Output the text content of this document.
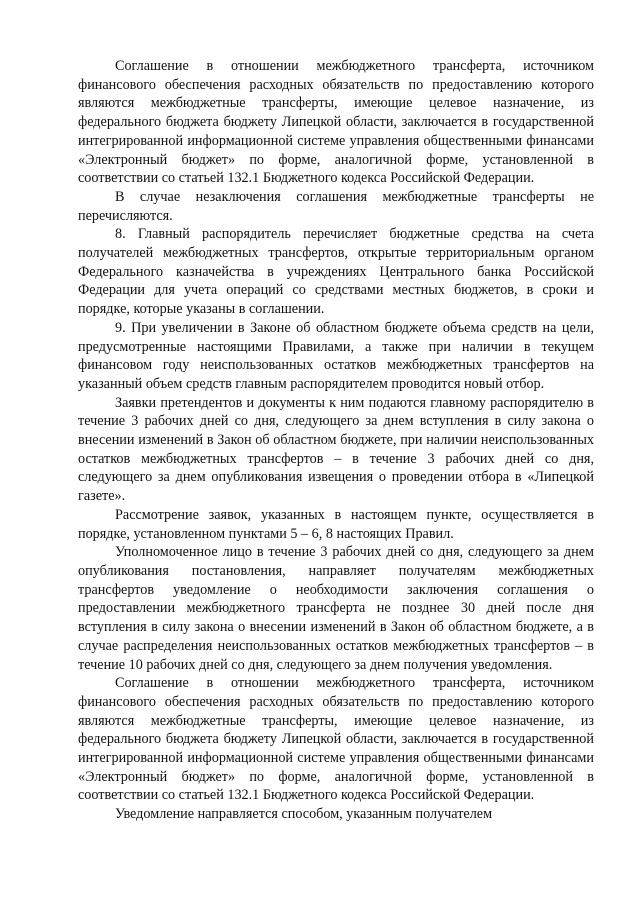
Соглашение в отношении межбюджетного трансферта, источником финансового обеспечения расходных обязательств по предоставлению которого являются межбюджетные трансферты, имеющие целевое назначение, из федерального бюджета бюджету Липецкой области, заключается в государственной интегрированной информационной системе управления общественными финансами «Электронный бюджет» по форме, аналогичной форме, установленной в соответствии со статьей 132.1 Бюджетного кодекса Российской Федерации.

В случае незаключения соглашения межбюджетные трансферты не перечисляются.

8. Главный распорядитель перечисляет бюджетные средства на счета получателей межбюджетных трансфертов, открытые территориальным органом Федерального казначейства в учреждениях Центрального банка Российской Федерации для учета операций со средствами местных бюджетов, в сроки и порядке, которые указаны в соглашении.

9. При увеличении в Законе об областном бюджете объема средств на цели, предусмотренные настоящими Правилами, а также при наличии в текущем финансовом году неиспользованных остатков межбюджетных трансфертов на указанный объем средств главным распорядителем проводится новый отбор.

Заявки претендентов и документы к ним подаются главному распорядителю в течение 3 рабочих дней со дня, следующего за днем вступления в силу закона о внесении изменений в Закон об областном бюджете, при наличии неиспользованных остатков межбюджетных трансфертов – в течение 3 рабочих дней со дня, следующего за днем опубликования извещения о проведении отбора в «Липецкой газете».

Рассмотрение заявок, указанных в настоящем пункте, осуществляется в порядке, установленном пунктами 5 – 6, 8 настоящих Правил.

Уполномоченное лицо в течение 3 рабочих дней со дня, следующего за днем опубликования постановления, направляет получателям межбюджетных трансфертов уведомление о необходимости заключения соглашения о предоставлении межбюджетного трансферта не позднее 30 дней после дня вступления в силу закона о внесении изменений в Закон об областном бюджете, а в случае распределения неиспользованных остатков межбюджетных трансфертов – в течение 10 рабочих дней со дня, следующего за днем получения уведомления.

Соглашение в отношении межбюджетного трансферта, источником финансового обеспечения расходных обязательств по предоставлению которого являются межбюджетные трансферты, имеющие целевое назначение, из федерального бюджета бюджету Липецкой области, заключается в государственной интегрированной информационной системе управления общественными финансами «Электронный бюджет» по форме, аналогичной форме, установленной в соответствии со статьей 132.1 Бюджетного кодекса Российской Федерации.

Уведомление направляется способом, указанным получателем
